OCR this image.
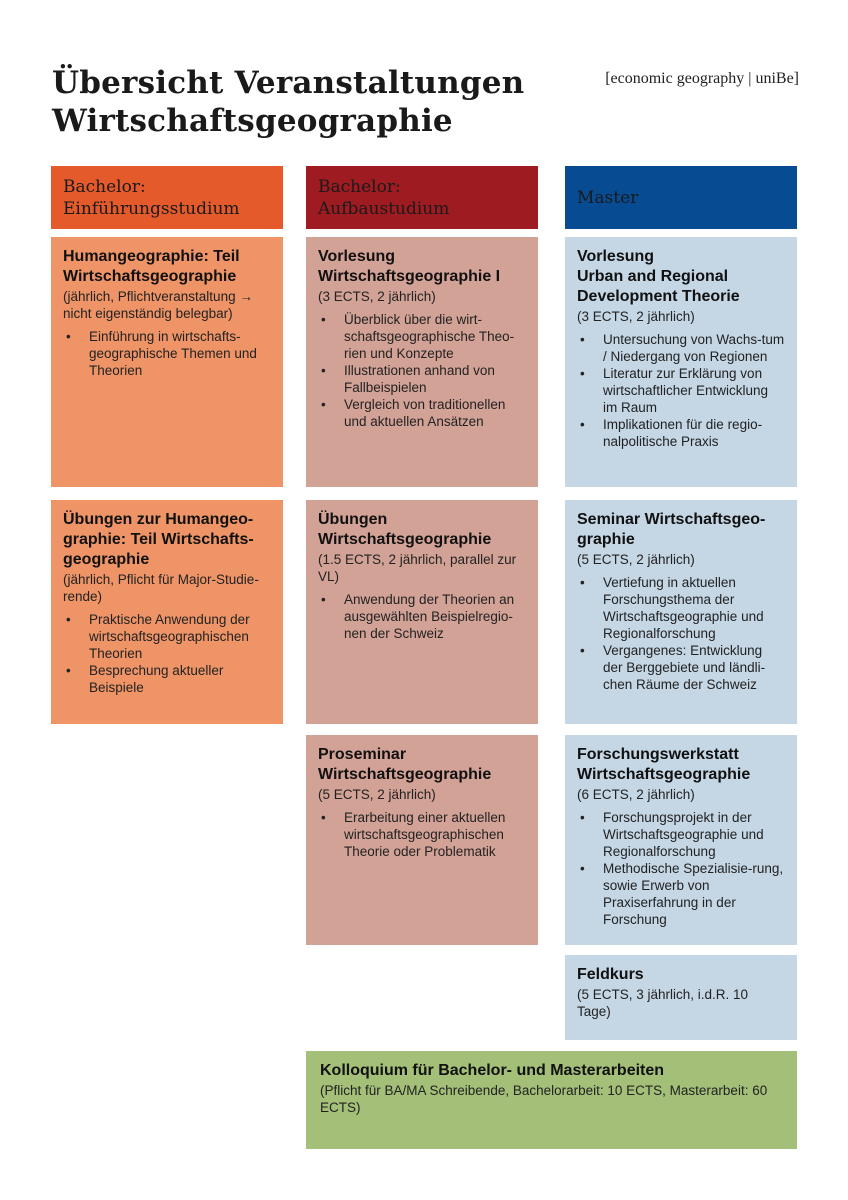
Übersicht Veranstaltungen
Wirtschaftsgeographie
[economic geography | uniBe]
Bachelor:
Einführungsstudium
Bachelor:
Aufbaustudium
Master
Humangeographie: Teil
Wirtschaftsgeographie

(jährlich, Pflichtveranstaltung → nicht eigenständig belegbar)

• Einführung in wirtschafts-geographische Themen und Theorien
Übungen zur Humangeo-
graphie: Teil Wirtschafts-
geographie

(jährlich, Pflicht für Major-Studie-rende)

• Praktische Anwendung der wirtschaftsgeographischen Theorien
• Besprechung aktueller Beispiele
Vorlesung
Wirtschaftsgeographie I

(3 ECTS, 2 jährlich)

• Überblick über die wirt-schaftsgeographische Theo-rien und Konzepte
• Illustrationen anhand von Fallbeispielen
• Vergleich von traditionellen und aktuellen Ansätzen
Übungen
Wirtschaftsgeographie

(1.5 ECTS, 2 jährlich, parallel zur VL)

• Anwendung der Theorien an ausgewählten Beispielregio-nen der Schweiz
Proseminar
Wirtschaftsgeographie

(5 ECTS, 2 jährlich)

• Erarbeitung einer aktuellen wirtschaftsgeographischen Theorie oder Problematik
Vorlesung
Urban and Regional
Development Theorie

(3 ECTS, 2 jährlich)

• Untersuchung von Wachs-tum / Niedergang von Regionen
• Literatur zur Erklärung von wirtschaftlicher Entwicklung im Raum
• Implikationen für die regio-nalpolitische Praxis
Seminar Wirtschaftsgeo-
graphie

(5 ECTS, 2 jährlich)

• Vertiefung in aktuellen Forschungsthema der Wirtschaftsgeographie und Regionalforschung
• Vergangenes: Entwicklung der Berggebiete und ländli-chen Räume der Schweiz
Forschungswerkstatt
Wirtschaftsgeographie

(6 ECTS, 2 jährlich)

• Forschungsprojekt in der Wirtschaftsgeographie und Regionalforschung
• Methodische Spezialisie-rung, sowie Erwerb von Praxiserfahrung in der Forschung
Feldkurs

(5 ECTS, 3 jährlich, i.d.R. 10 Tage)

Kolloquium für Bachelor- und Masterarbeiten

(Pflicht für BA/MA Schreibende, Bachelorarbeit: 10 ECTS, Masterarbeit: 60 ECTS)
